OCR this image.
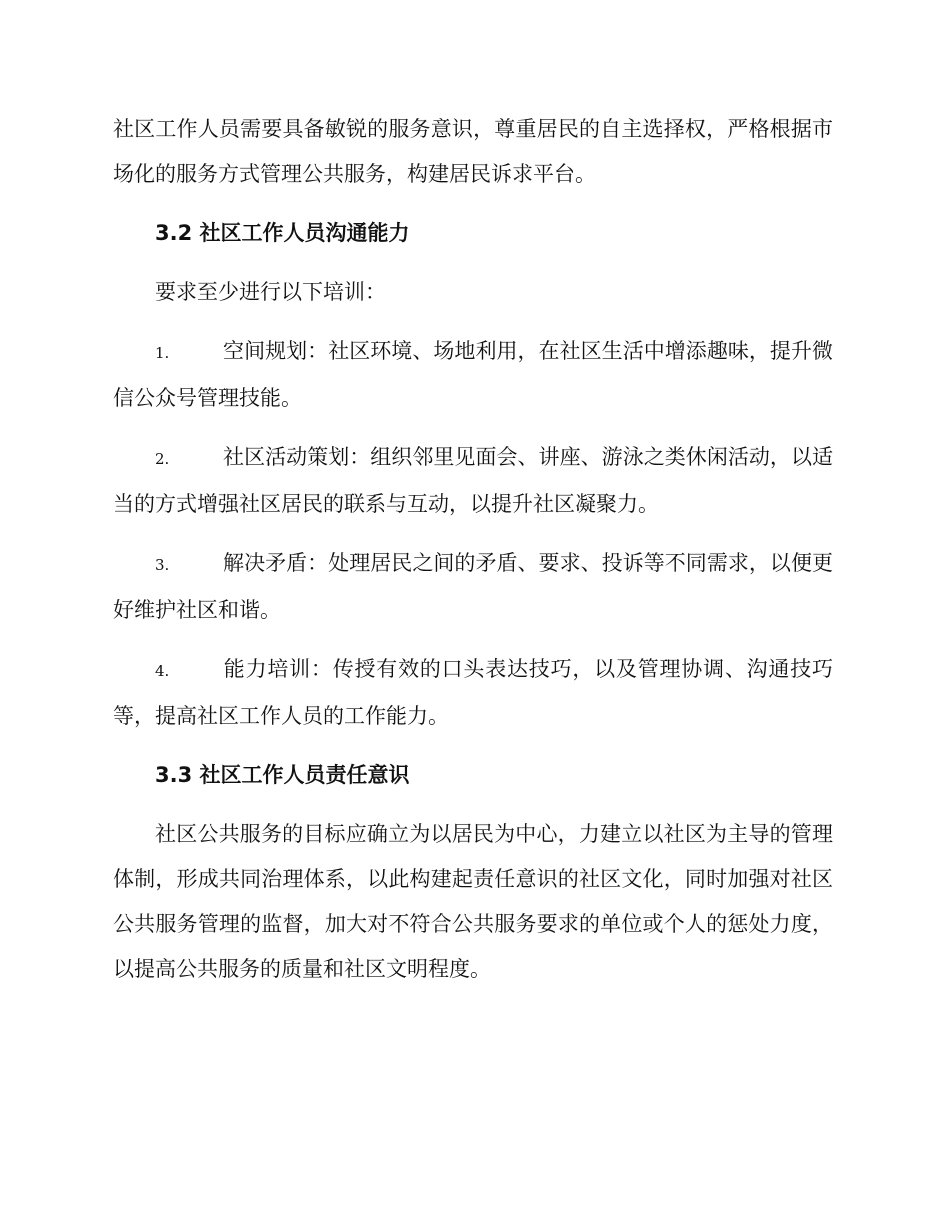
社区工作人员需要具备敏锐的服务意识，尊重居民的自主选择权，严格根据市场化的服务方式管理公共服务，构建居民诉求平台。

3.2 社区工作人员沟通能力

要求至少进行以下培训：

1.	空间规划：社区环境、场地利用，在社区生活中增添趣味，提升微信公众号管理技能。

2.	社区活动策划：组织邻里见面会、讲座、游泳之类休闲活动，以适当的方式增强社区居民的联系与互动，以提升社区凝聚力。

3.	解决矛盾：处理居民之间的矛盾、要求、投诉等不同需求，以便更好维护社区和谐。

4.	能力培训：传授有效的口头表达技巧，以及管理协调、沟通技巧等，提高社区工作人员的工作能力。

3.3 社区工作人员责任意识

社区公共服务的目标应确立为以居民为中心，力建立以社区为主导的管理体制，形成共同治理体系，以此构建起责任意识的社区文化，同时加强对社区公共服务管理的监督，加大对不符合公共服务要求的单位或个人的惩处力度，以提高公共服务的质量和社区文明程度。
